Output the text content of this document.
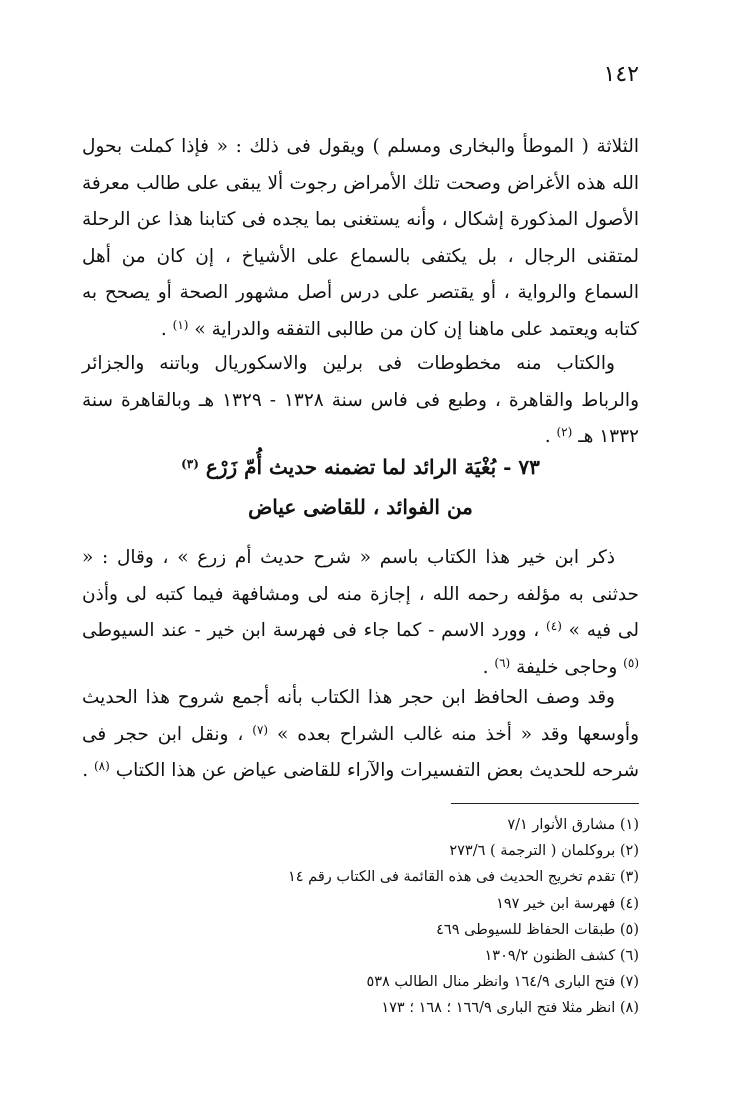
١٤٢

الثلاثة ( الموطأ والبخارى ومسلم ) ويقول فى ذلك : « فإذا كملت بحول الله هذه الأغراض وصحت تلك الأمراض رجوت ألا يبقى على طالب معرفة الأصول المذكورة إشكال ، وأنه يستغنى بما يجده فى كتابنا هذا عن الرحلة لمتقنى الرجال ، بل يكتفى بالسماع على الأشياخ ، إن كان من أهل السماع والرواية ، أو يقتصر على درس أصل مشهور الصحة أو يصحح به كتابه ويعتمد على ماهنا إن كان من طالبى التفقه والدراية » $^{(١)}$ .

والكتاب منه مخطوطات فى برلين والاسكوريال وباتنه والجزائر والرباط والقاهرة ، وطبع فى فاس سنة ١٣٢٨ - ١٣٢٩ هـ وبالقاهرة سنة ١٣٣٢ هـ $^{(٢)}$ .

٧٣ - بُغْيَة الرائد لما تضمنه حديث أُمّ زَرْع $^{(٣)}$
من الفوائد ، للقاضى عياض

ذكر ابن خير هذا الكتاب باسم « شرح حديث أم زرع » ، وقال : « حدثنى به مؤلفه رحمه الله ، إجازة منه لى ومشافهة فيما كتبه لى وأذن لى فيه » $^{(٤)}$ ، وورد الاسم - كما جاء فى فهرسة ابن خير - عند السيوطى $^{(٥)}$ وحاجى خليفة $^{(٦)}$ .

وقد وصف الحافظ ابن حجر هذا الكتاب بأنه أجمع شروح هذا الحديث وأوسعها وقد « أخذ منه غالب الشراح بعده » $^{(٧)}$ ، ونقل ابن حجر فى شرحه للحديث بعض التفسيرات والآراء للقاضى عياض عن هذا الكتاب $^{(٨)}$ .

(١) مشارق الأنوار ٧/١
(٢) بروكلمان ( الترجمة ) ٢٧٣/٦
(٣) تقدم تخريج الحديث فى هذه القائمة فى الكتاب رقم ١٤
(٤) فهرسة ابن خير ١٩٧
(٥) طبقات الحفاظ للسيوطى ٤٦٩
(٦) كشف الظنون ١٣٠٩/٢
(٧) فتح البارى ١٦٤/٩ وانظر منال الطالب ٥٣٨
(٨) انظر مثلا فتح البارى ١٦٦/٩ ؛ ١٦٨ ؛ ١٧٣
